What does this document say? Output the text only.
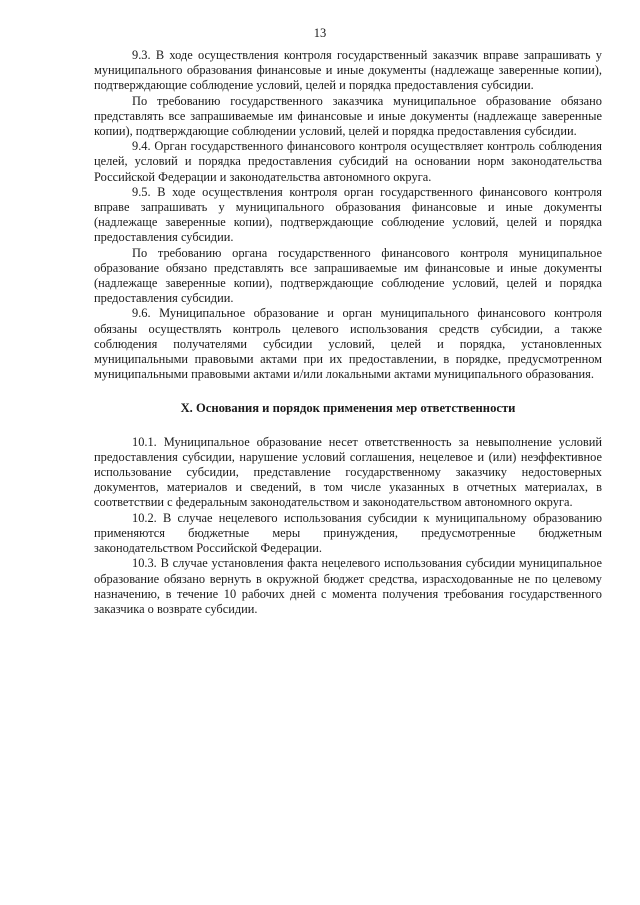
13

9.3. В ходе осуществления контроля государственный заказчик вправе запрашивать у муниципального образования финансовые и иные документы (надлежаще заверенные копии), подтверждающие соблюдение условий, целей и порядка предоставления субсидии.

По требованию государственного заказчика муниципальное образование обязано представлять все запрашиваемые им финансовые и иные документы (надлежаще заверенные копии), подтверждающие соблюдении условий, целей и порядка предоставления субсидии.

9.4. Орган государственного финансового контроля осуществляет контроль соблюдения целей, условий и порядка предоставления субсидий на основании норм законодательства Российской Федерации и законодательства автономного округа.

9.5. В ходе осуществления контроля орган государственного финансового контроля вправе запрашивать у муниципального образования финансовые и иные документы (надлежаще заверенные копии), подтверждающие соблюдение условий, целей и порядка предоставления субсидии.

По требованию органа государственного финансового контроля муниципальное образование обязано представлять все запрашиваемые им финансовые и иные документы (надлежаще заверенные копии), подтверждающие соблюдение условий, целей и порядка предоставления субсидии.

9.6. Муниципальное образование и орган муниципального финансового контроля обязаны осуществлять контроль целевого использования средств субсидии, а также соблюдения получателями субсидии условий, целей и порядка, установленных муниципальными правовыми актами при их предоставлении, в порядке, предусмотренном муниципальными правовыми актами и/или локальными актами муниципального образования.

X. Основания и порядок применения мер ответственности

10.1. Муниципальное образование несет ответственность за невыполнение условий предоставления субсидии, нарушение условий соглашения, нецелевое и (или) неэффективное использование субсидии, представление государственному заказчику недостоверных документов, материалов и сведений, в том числе указанных в отчетных материалах, в соответствии с федеральным законодательством и законодательством автономного округа.

10.2. В случае нецелевого использования субсидии к муниципальному образованию применяются бюджетные меры принуждения, предусмотренные бюджетным законодательством Российской Федерации.

10.3. В случае установления факта нецелевого использования субсидии муниципальное образование обязано вернуть в окружной бюджет средства, израсходованные не по целевому назначению, в течение 10 рабочих дней с момента получения требования государственного заказчика о возврате субсидии.
